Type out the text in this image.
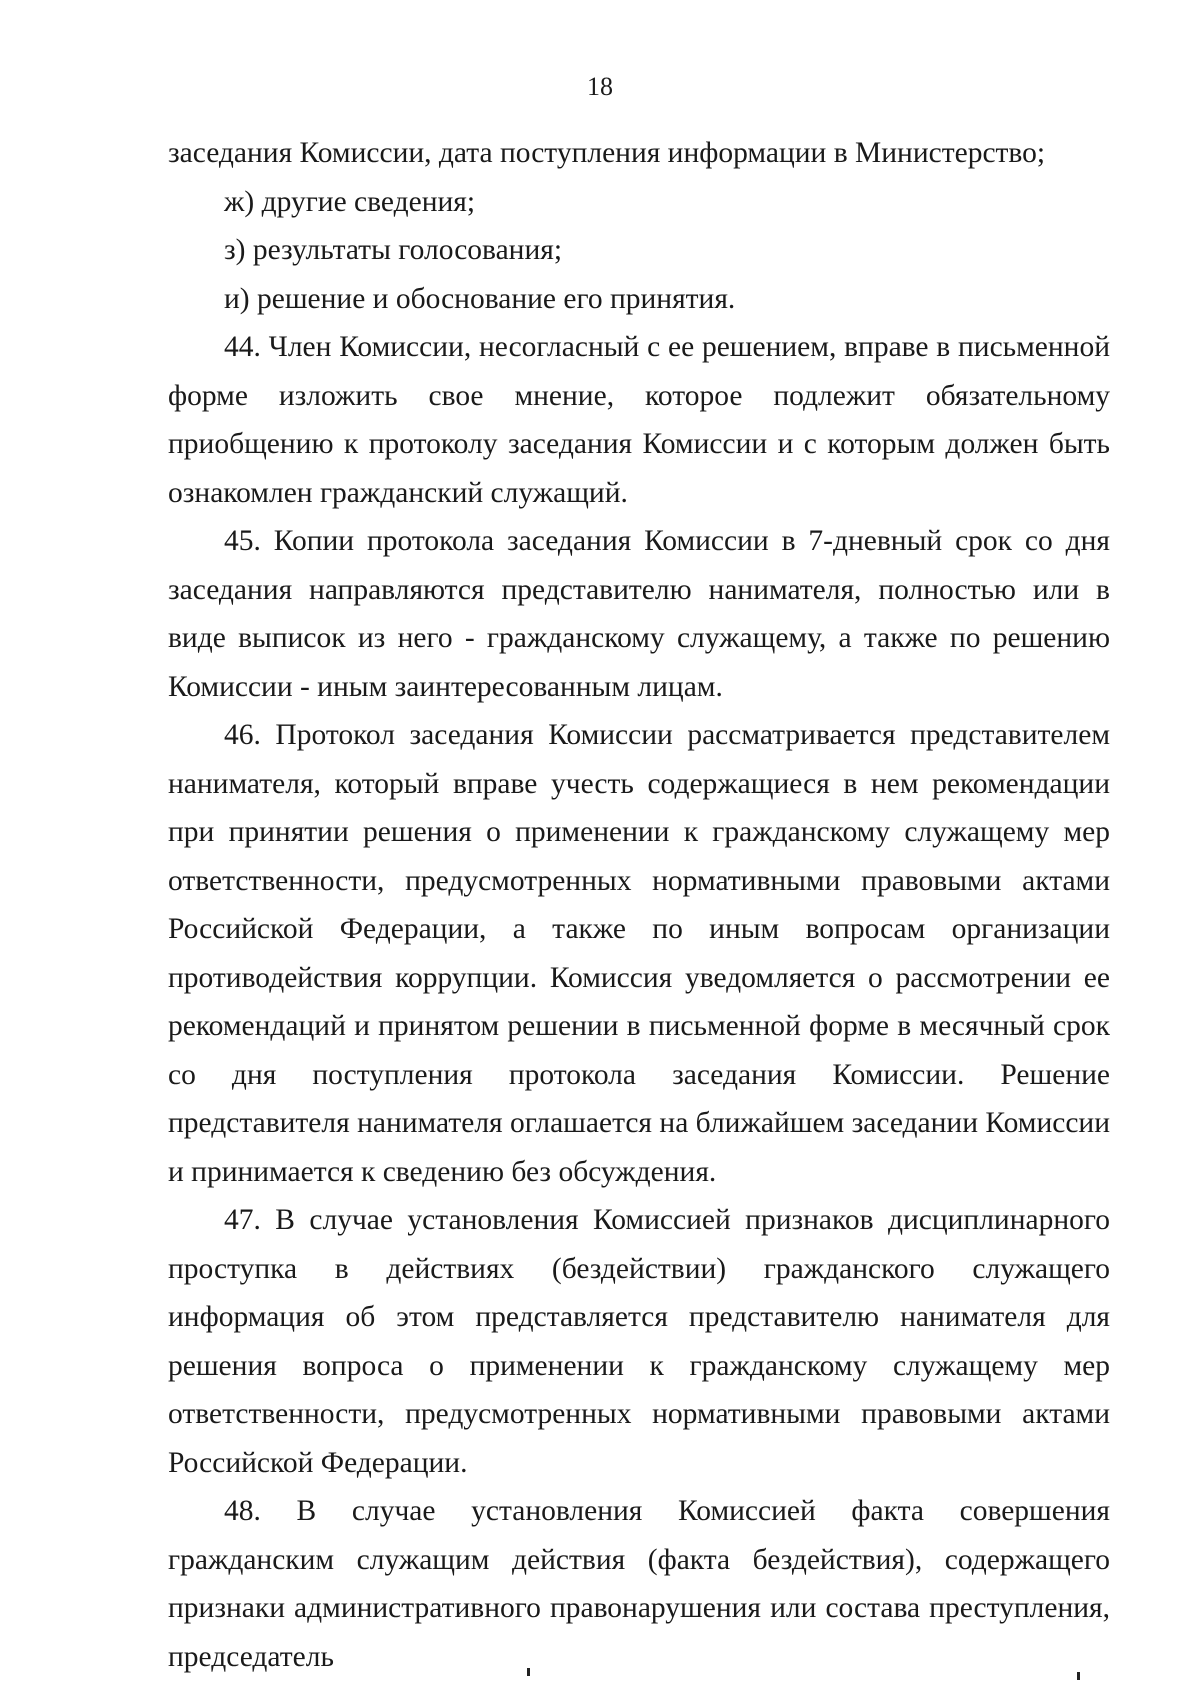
18

заседания Комиссии, дата поступления информации в Министерство;

ж) другие сведения;

з) результаты голосования;

и) решение и обоснование его принятия.

44. Член Комиссии, несогласный с ее решением, вправе в письменной форме изложить свое мнение, которое подлежит обязательному приобщению к протоколу заседания Комиссии и с которым должен быть ознакомлен гражданский служащий.

45. Копии протокола заседания Комиссии в 7-дневный срок со дня заседания направляются представителю нанимателя, полностью или в виде выписок из него - гражданскому служащему, а также по решению Комиссии - иным заинтересованным лицам.

46. Протокол заседания Комиссии рассматривается представителем нанимателя, который вправе учесть содержащиеся в нем рекомендации при принятии решения о применении к гражданскому служащему мер ответственности, предусмотренных нормативными правовыми актами Российской Федерации, а также по иным вопросам организации противодействия коррупции. Комиссия уведомляется о рассмотрении ее рекомендаций и принятом решении в письменной форме в месячный срок со дня поступления протокола заседания Комиссии. Решение представителя нанимателя оглашается на ближайшем заседании Комиссии и принимается к сведению без обсуждения.

47. В случае установления Комиссией признаков дисциплинарного проступка в действиях (бездействии) гражданского служащего информация об этом представляется представителю нанимателя для решения вопроса о применении к гражданскому служащему мер ответственности, предусмотренных нормативными правовыми актами Российской Федерации.

48. В случае установления Комиссией факта совершения гражданским служащим действия (факта бездействия), содержащего признаки административного правонарушения или состава преступления, председатель
